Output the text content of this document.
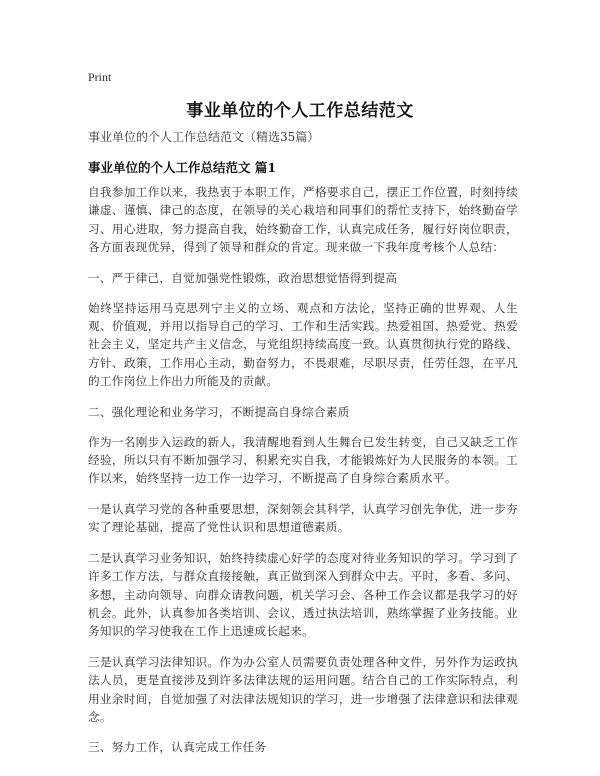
Print
事业单位的个人工作总结范文
事业单位的个人工作总结范文（精选35篇）
事业单位的个人工作总结范文 篇1

自我参加工作以来，我热衷于本职工作，严格要求自己，摆正工作位置，时刻持续谦虚、谨慎、律己的态度，在领导的关心栽培和同事们的帮忙支持下，始终勤奋学习、用心进取，努力提高自我，始终勤奋工作，认真完成任务，履行好岗位职责，各方面表现优异，得到了领导和群众的肯定。现来做一下我年度考核个人总结：

一、严于律己，自觉加强党性锻炼，政治思想觉悟得到提高

始终坚持运用马克思列宁主义的立场、观点和方法论，坚持正确的世界观、人生观、价值观，并用以指导自己的学习、工作和生活实践。热爱祖国、热爱党、热爱社会主义，坚定共产主义信念，与党组织持续高度一致。认真贯彻执行党的路线、方针、政策，工作用心主动，勤奋努力，不畏艰难，尽职尽责，任劳任怨，在平凡的工作岗位上作出力所能及的贡献。

二、强化理论和业务学习，不断提高自身综合素质

作为一名刚步入运政的新人，我清醒地看到人生舞台已发生转变，自己又缺乏工作经验，所以只有不断加强学习，积累充实自我，才能锻炼好为人民服务的本领。工作以来，始终坚持一边工作一边学习，不断提高了自身综合素质水平。

一是认真学习党的各种重要思想，深刻领会其科学，认真学习创先争优，进一步夯实了理论基础，提高了党性认识和思想道德素质。

二是认真学习业务知识，始终持续虚心好学的态度对待业务知识的学习。学习到了许多工作方法，与群众直接接触，真正做到深入到群众中去。平时，多看、多问、多想，主动向领导、向群众请教问题，机关学习会、各种工作会议都是我学习的好机会。此外，认真参加各类培训、会议，透过执法培训，熟练掌握了业务技能。业务知识的学习使我在工作上迅速成长起来。

三是认真学习法律知识。作为办公室人员需要负责处理各种文件，另外作为运政执法人员，更是直接涉及到许多法律法规的运用问题。结合自己的工作实际特点，利用业余时间，自觉加强了对法律法规知识的学习，进一步增强了法律意识和法律观念。

三、努力工作，认真完成工作任务
